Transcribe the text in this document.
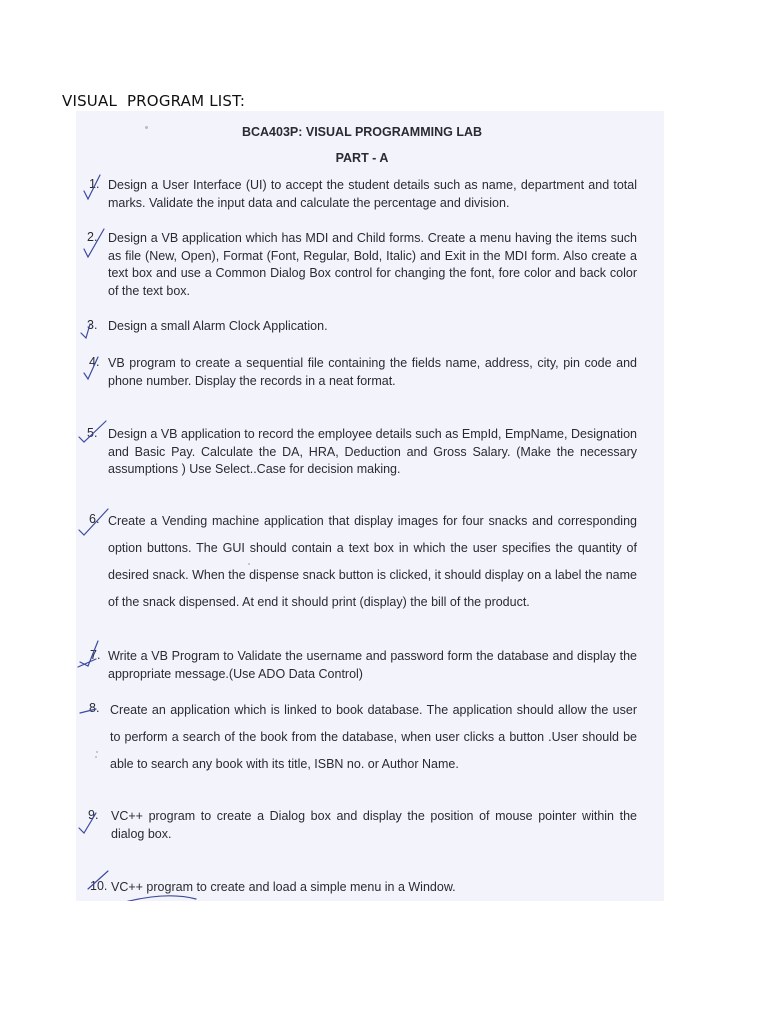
VISUAL  PROGRAM LIST:
BCA403P: VISUAL PROGRAMMING LAB
PART - A
1. Design a User Interface (UI) to accept the student details such as name, department and total marks. Validate the input data and calculate the percentage and division.
2. Design a VB application which has MDI and Child forms. Create a menu having the items such as file (New, Open), Format (Font, Regular, Bold, Italic) and Exit in the MDI form. Also create a text box and use a Common Dialog Box control for changing the font, fore color and back color of the text box.
3. Design a small Alarm Clock Application.
4. VB program to create a sequential file containing the fields name, address, city, pin code and phone number. Display the records in a neat format.
5. Design a VB application to record the employee details such as EmpId, EmpName, Designation and Basic Pay. Calculate the DA, HRA, Deduction and Gross Salary. (Make the necessary assumptions ) Use Select..Case for decision making.
6. Create a Vending machine application that display images for four snacks and corresponding option buttons. The GUI should contain a text box in which the user specifies the quantity of desired snack. When the dispense snack button is clicked, it should display on a label the name of the snack dispensed. At end it should print (display) the bill of the product.
7. Write a VB Program to Validate the username and password form the database and display the appropriate message.(Use ADO Data Control)
8. Create an application which is linked to book database. The application should allow the user to perform a search of the book from the database, when user clicks a button .User should be able to search any book with its title, ISBN no. or Author Name.
9. VC++ program to create a Dialog box and display the position of mouse pointer within the dialog box.
10. VC++ program to create and load a simple menu in a Window.
